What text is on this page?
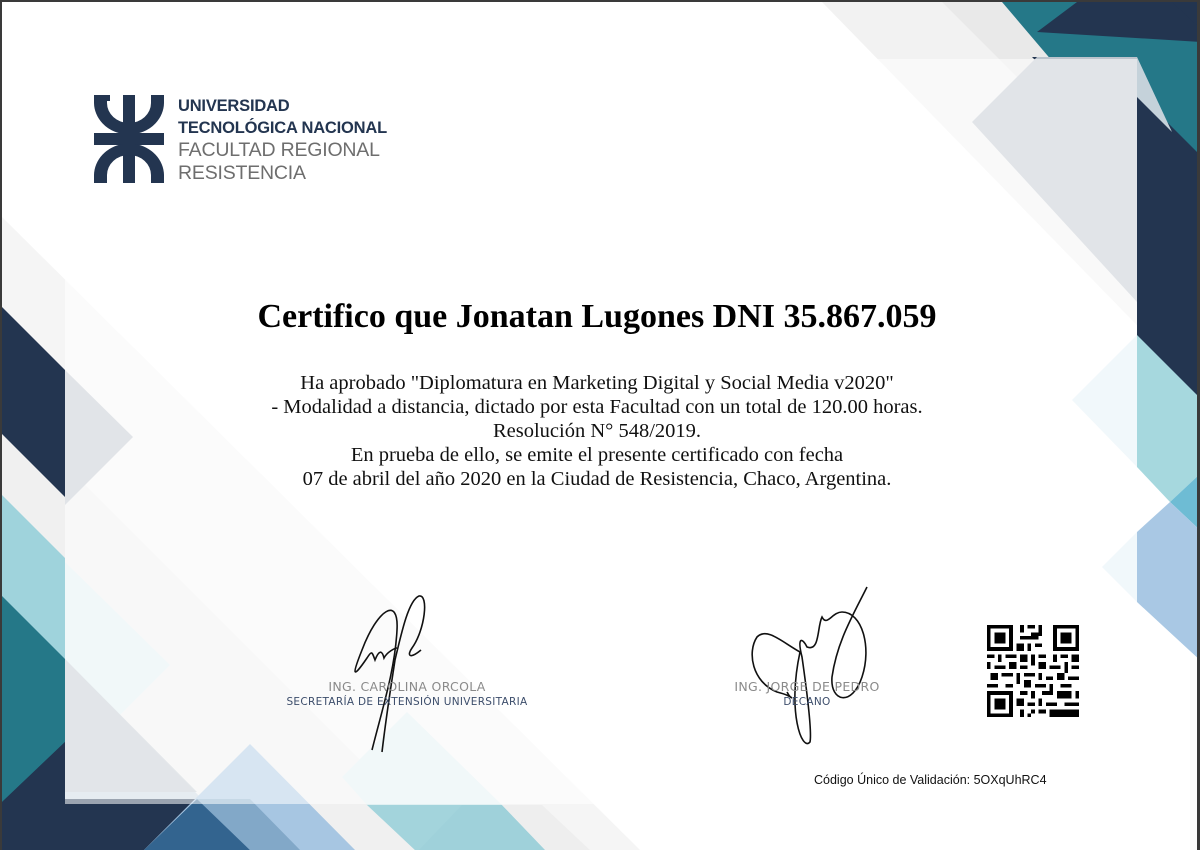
UNIVERSIDAD
TECNOLÓGICA NACIONAL
FACULTAD REGIONAL
RESISTENCIA
Certifico que Jonatan Lugones DNI 35.867.059
Ha aprobado "Diplomatura en Marketing Digital y Social Media v2020"
- Modalidad a distancia, dictado por esta Facultad con un total de 120.00 horas.
Resolución N° 548/2019.
En prueba de ello, se emite el presente certificado con fecha
07 de abril del año 2020 en la Ciudad de Resistencia, Chaco, Argentina.
ING. CAROLINA ORCOLA
SECRETARÍA DE EXTENSIÓN UNIVERSITARIA
ING. JORGE DE PEDRO
DECANO
Código Único de Validación: 5OXqUhRC4
